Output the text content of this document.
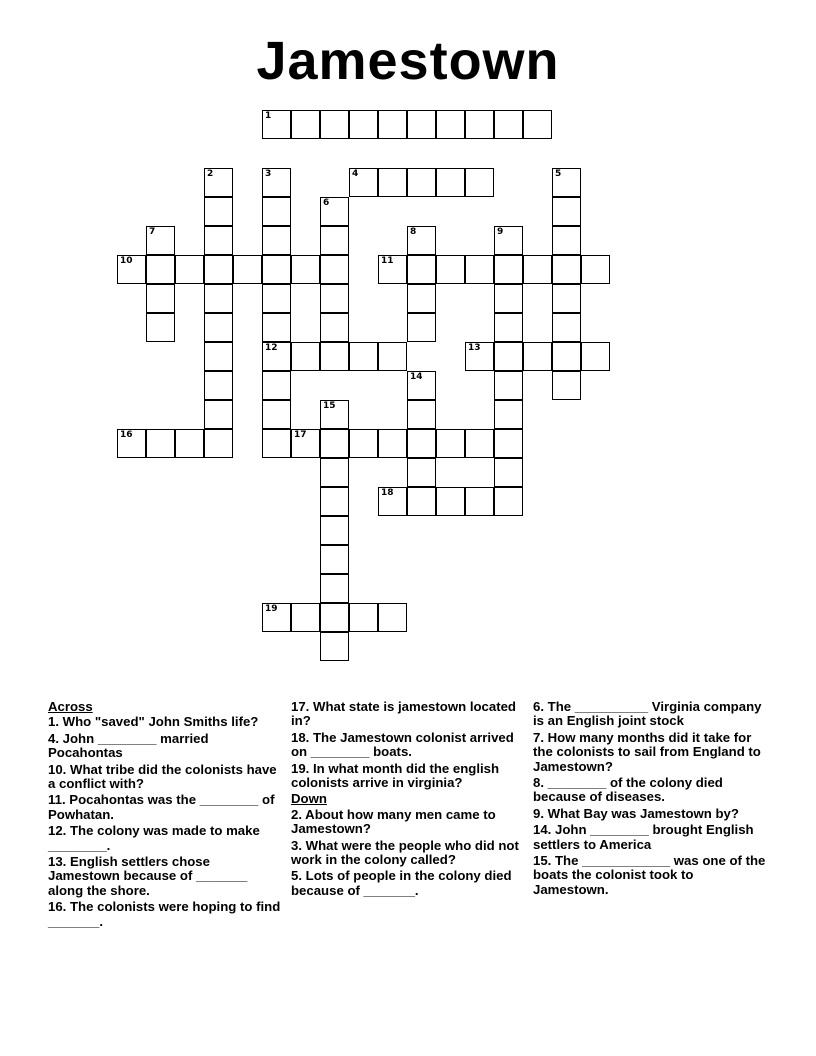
Jamestown
1
4
10	11
12	13
16	17
18
19
2	3	5
6
7	8	9
14
15
Across
1. Who "saved" John Smiths life?
4. John ________ married Pocahontas
10. What tribe did the colonists have a conflict with?
11. Pocahontas was the ________ of Powhatan.
12. The colony was made to make ________.
13. English settlers chose Jamestown because of _______ along the shore.
16. The colonists were hoping to find _______.
17. What state is jamestown located in?
18. The Jamestown colonist arrived on ________ boats.
19. In what month did the english colonists arrive in virginia?
Down
2. About how many men came to Jamestown?
3. What were the people who did not work in the colony called?
5. Lots of people in the colony died because of _______.
6. The __________ Virginia company is an English joint stock
7. How many months did it take for the colonists to sail from England to Jamestown?
8. ________ of the colony died because of diseases.
9. What Bay was Jamestown by?
14. John ________ brought English settlers to America
15. The ____________ was one of the boats the colonist took to Jamestown.
